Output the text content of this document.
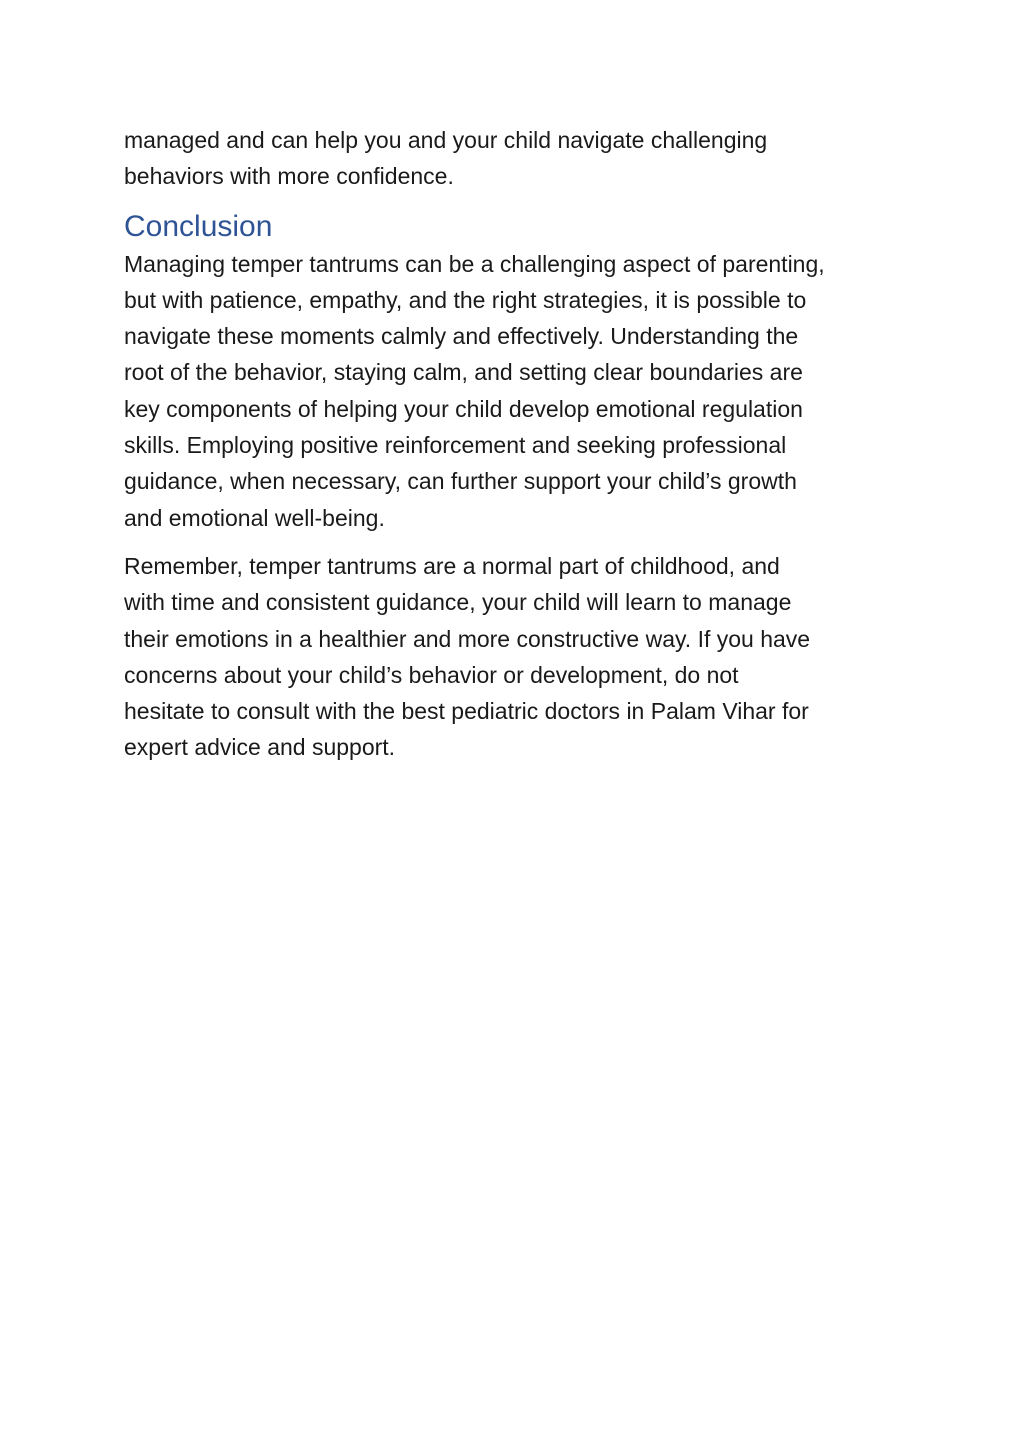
managed and can help you and your child navigate challenging
behaviors with more confidence.

Conclusion

Managing temper tantrums can be a challenging aspect of parenting,
but with patience, empathy, and the right strategies, it is possible to
navigate these moments calmly and effectively. Understanding the
root of the behavior, staying calm, and setting clear boundaries are
key components of helping your child develop emotional regulation
skills. Employing positive reinforcement and seeking professional
guidance, when necessary, can further support your child’s growth
and emotional well-being.

Remember, temper tantrums are a normal part of childhood, and
with time and consistent guidance, your child will learn to manage
their emotions in a healthier and more constructive way. If you have
concerns about your child’s behavior or development, do not
hesitate to consult with the best pediatric doctors in Palam Vihar for
expert advice and support.
